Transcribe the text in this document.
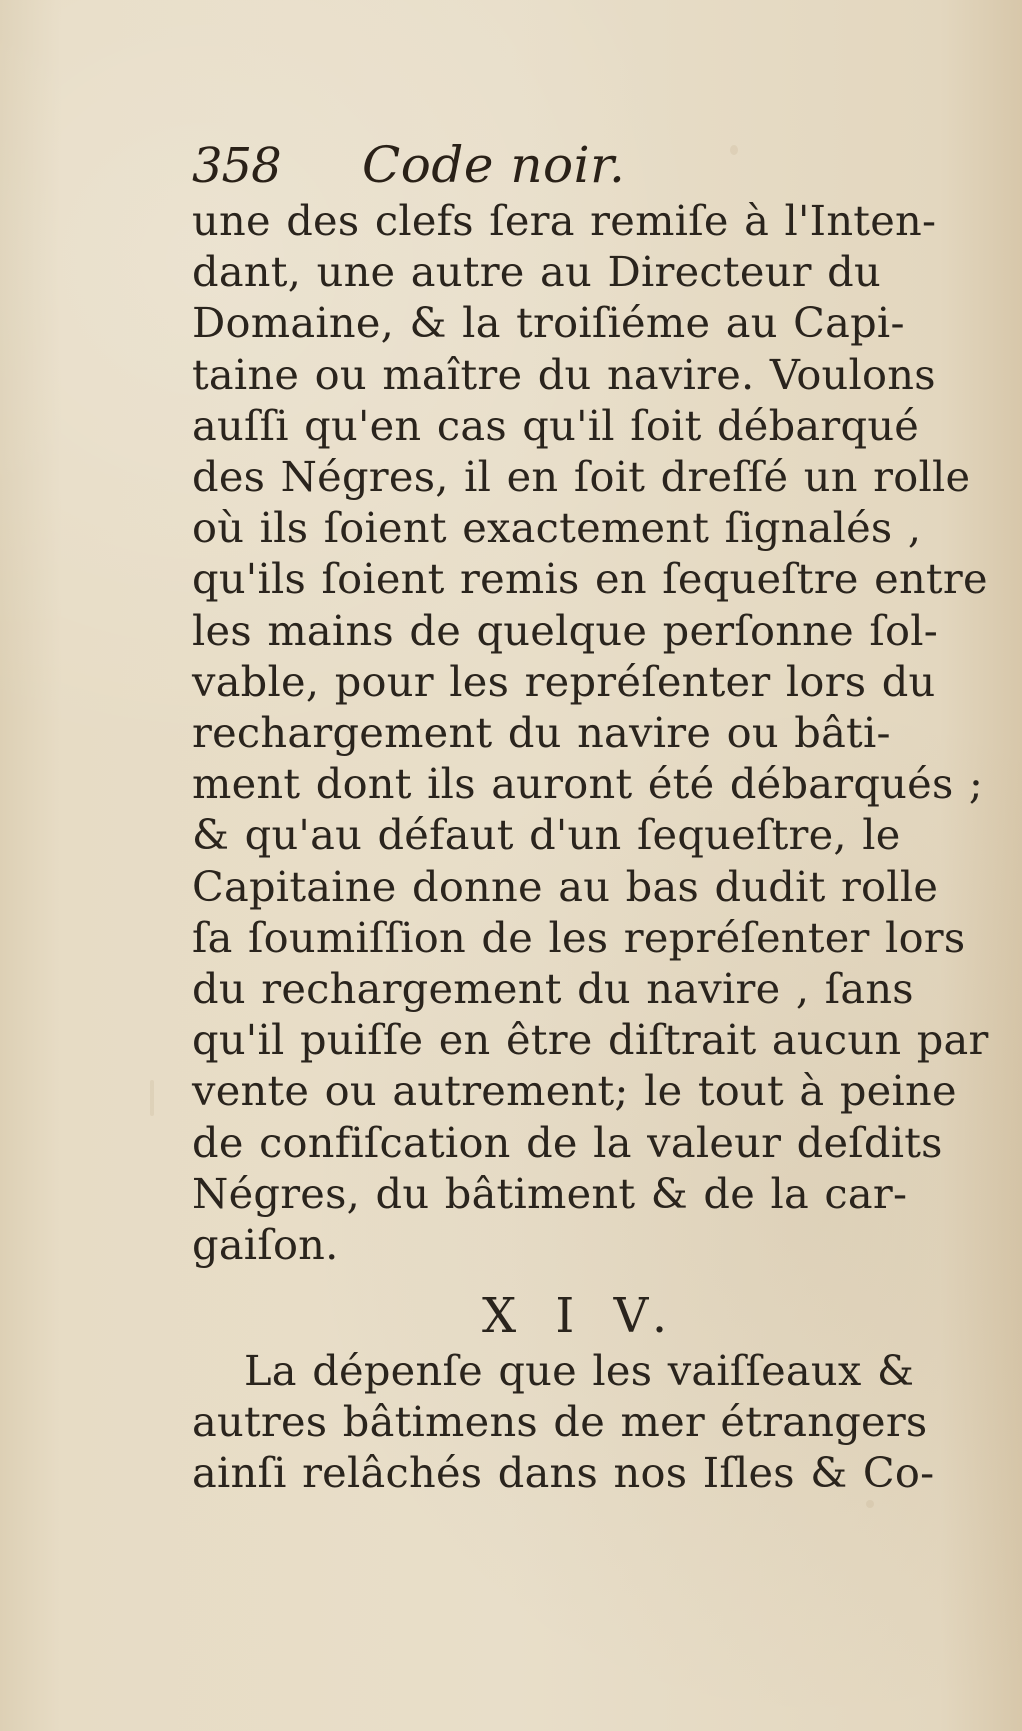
358	Code noir.
une des clefs ſera remiſe à l'Inten-
dant, une autre au Directeur du
Domaine, & la troiſiéme au Capi-
taine ou maître du navire. Voulons
auſſi qu'en cas qu'il ſoit débarqué
des Négres, il en ſoit dreſſé un rolle
où ils ſoient exactement ſignalés ,
qu'ils ſoient remis en ſequeſtre entre
les mains de quelque perſonne ſol-
vable, pour les repréſenter lors du
rechargement du navire ou bâti-
ment dont ils auront été débarqués ;
& qu'au défaut d'un ſequeſtre, le
Capitaine donne au bas dudit rolle
ſa ſoumiſſion de les repréſenter lors
du rechargement du navire , ſans
qu'il puiſſe en être diſtrait aucun par
vente ou autrement; le tout à peine
de confiſcation de la valeur deſdits
Négres, du bâtiment & de la car-
gaiſon.
X I V.
La dépenſe que les vaiſſeaux &
autres bâtimens de mer étrangers
ainſi relâchés dans nos Iſles & Co-
